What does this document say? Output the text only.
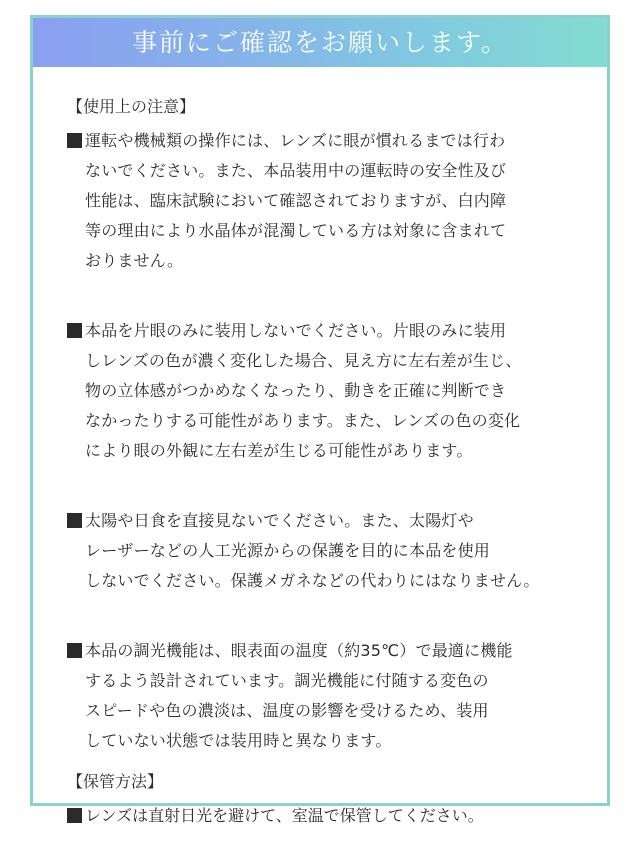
事前にご確認をお願いします。
【使用上の注意】
運転や機械類の操作には、レンズに眼が慣れるまでは行わ
ないでください。また、本品装用中の運転時の安全性及び
性能は、臨床試験において確認されておりますが、白内障
等の理由により水晶体が混濁している方は対象に含まれて
おりません。
本品を片眼のみに装用しないでください。片眼のみに装用
しレンズの色が濃く変化した場合、見え方に左右差が生じ、
物の立体感がつかめなくなったり、動きを正確に判断でき
なかったりする可能性があります。また、レンズの色の変化
により眼の外観に左右差が生じる可能性があります。
太陽や日食を直接見ないでください。また、太陽灯や
レーザーなどの人工光源からの保護を目的に本品を使用
しないでください。保護メガネなどの代わりにはなりません。
本品の調光機能は、眼表面の温度（約35℃）で最適に機能
するよう設計されています。調光機能に付随する変色の
スピードや色の濃淡は、温度の影響を受けるため、装用
していない状態では装用時と異なります。
【保管方法】
レンズは直射日光を避けて、室温で保管してください。
